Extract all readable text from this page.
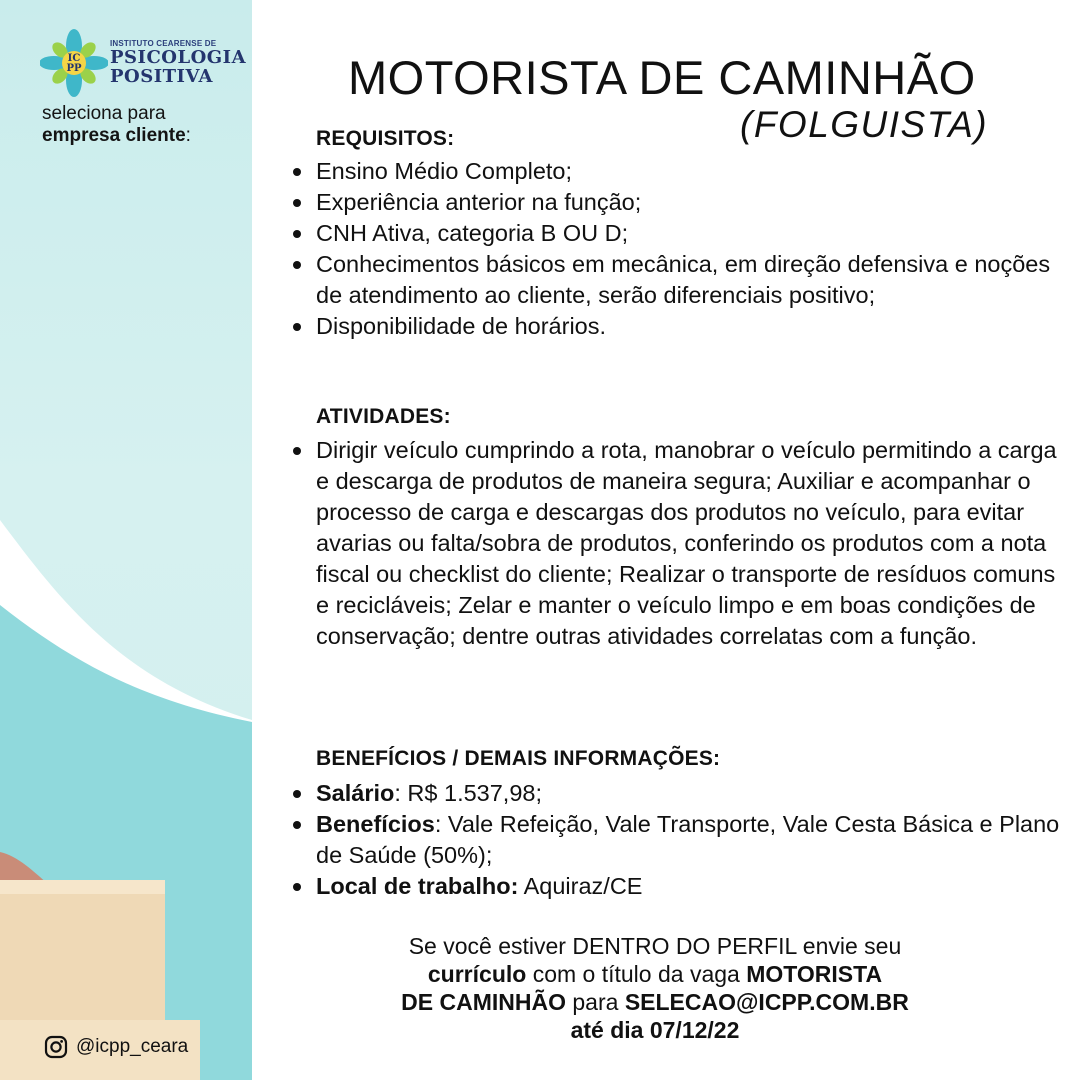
IC
PP
INSTITUTO CEARENSE DE
PSICOLOGIA
POSITIVA
seleciona para
empresa cliente:
@icpp_ceara
MOTORISTA DE CAMINHÃO
(FOLGUISTA)
REQUISITOS:
Ensino Médio Completo;
Experiência anterior na função;
CNH Ativa, categoria B OU D;
Conhecimentos básicos em mecânica, em direção defensiva e noções de atendimento ao cliente, serão diferenciais positivo;
Disponibilidade de horários.
ATIVIDADES:
Dirigir veículo cumprindo a rota, manobrar o veículo permitindo a carga e descarga de produtos de maneira segura; Auxiliar e acompanhar o processo de carga e descargas dos produtos no veículo, para evitar avarias ou falta/sobra de produtos, conferindo os produtos com a nota fiscal ou checklist do cliente; Realizar o transporte de resíduos comuns e recicláveis; Zelar e manter o veículo limpo e em boas condições de conservação; dentre outras atividades correlatas com a função.
BENEFÍCIOS / DEMAIS INFORMAÇÕES:
Salário: R$ 1.537,98;
Benefícios: Vale Refeição, Vale Transporte, Vale Cesta Básica e Plano de Saúde (50%);
Local de trabalho: Aquiraz/CE
Se você estiver DENTRO DO PERFIL envie seu
currículo com o título da vaga MOTORISTA
DE CAMINHÃO para SELECAO@ICPP.COM.BR
até dia 07/12/22
